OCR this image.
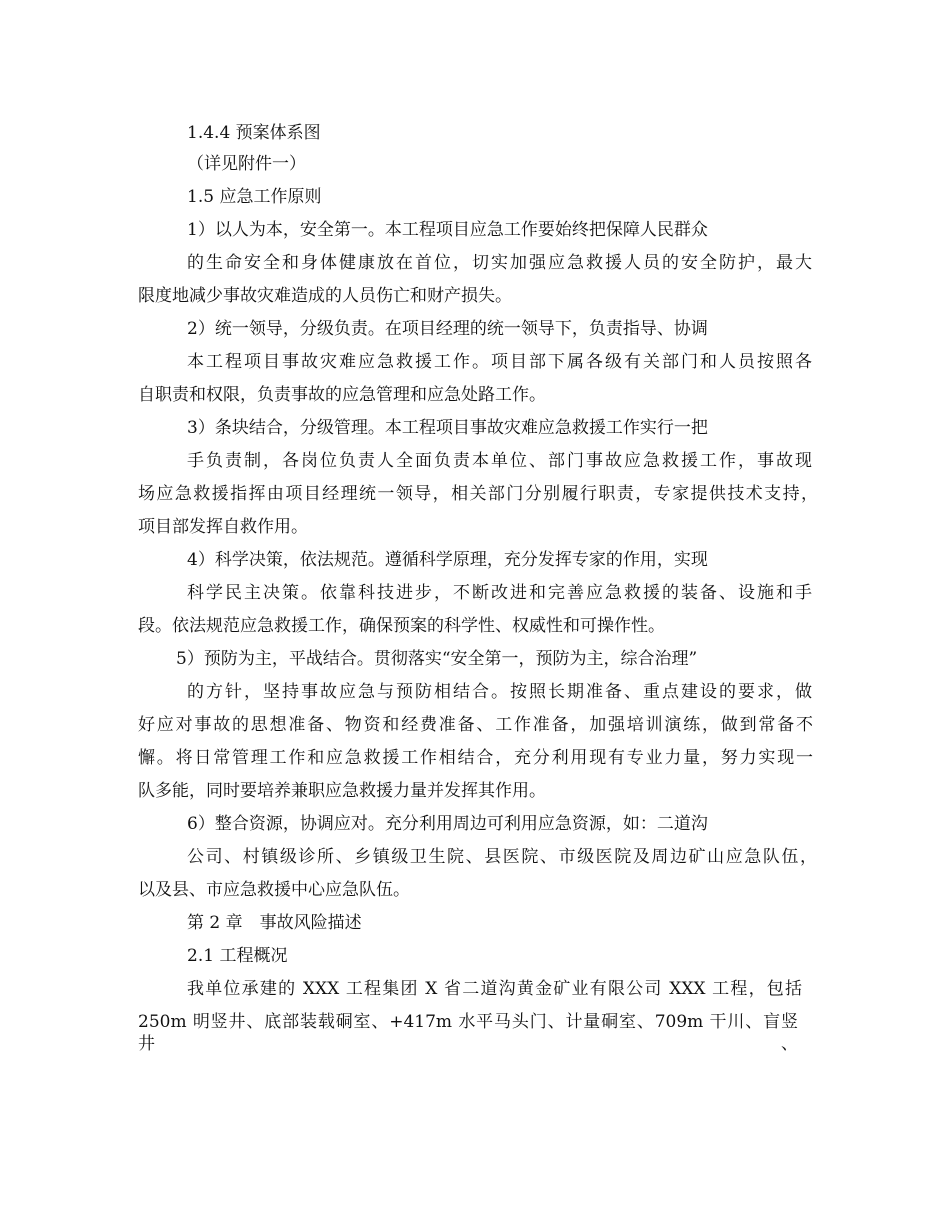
1.4.4 预案体系图
（详见附件一）
1.5 应急工作原则
1）以人为本，安全第一。本工程项目应急工作要始终把保障人民群众
的生命安全和身体健康放在首位，切实加强应急救援人员的安全防护，最大
限度地减少事故灾难造成的人员伤亡和财产损失。
2）统一领导，分级负责。在项目经理的统一领导下，负责指导、协调
本工程项目事故灾难应急救援工作。项目部下属各级有关部门和人员按照各
自职责和权限，负责事故的应急管理和应急处路工作。
3）条块结合，分级管理。本工程项目事故灾难应急救援工作实行一把
手负责制，各岗位负责人全面负责本单位、部门事故应急救援工作，事故现
场应急救援指挥由项目经理统一领导，相关部门分别履行职责，专家提供技术支持，
项目部发挥自救作用。
4）科学决策，依法规范。遵循科学原理，充分发挥专家的作用，实现
科学民主决策。依靠科技进步，不断改进和完善应急救援的装备、设施和手
段。依法规范应急救援工作，确保预案的科学性、权威性和可操作性。
5）预防为主，平战结合。贯彻落实“安全第一，预防为主，综合治理”
的方针，坚持事故应急与预防相结合。按照长期准备、重点建设的要求，做
好应对事故的思想准备、物资和经费准备、工作准备，加强培训演练，做到常备不
懈。将日常管理工作和应急救援工作相结合，充分利用现有专业力量，努力实现一
队多能，同时要培养兼职应急救援力量并发挥其作用。
6）整合资源，协调应对。充分利用周边可利用应急资源，如：二道沟
公司、村镇级诊所、乡镇级卫生院、县医院、市级医院及周边矿山应急队伍，
以及县、市应急救援中心应急队伍。
第 2 章　事故风险描述
2.1 工程概况
我单位承建的 XXX 工程集团 X 省二道沟黄金矿业有限公司 XXX 工程，包括
250m 明竖井、底部装载硐室、+417m 水平马头门、计量硐室、709m 干川、盲竖井、
